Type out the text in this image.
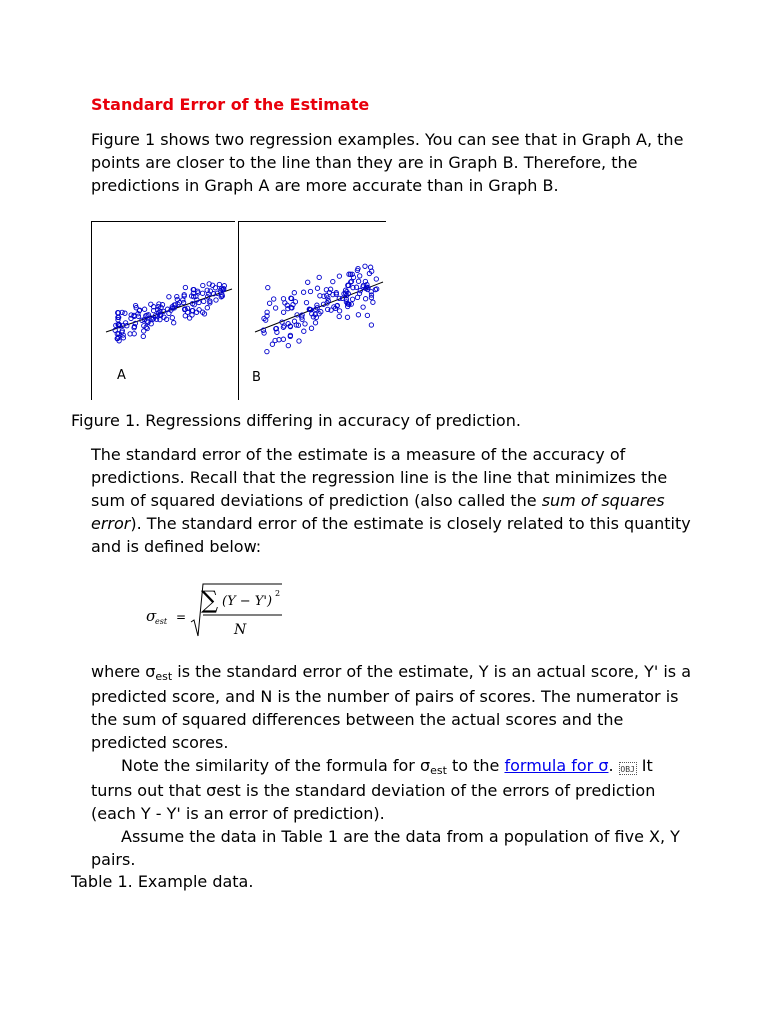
Standard Error of the Estimate

Figure 1 shows two regression examples. You can see that in Graph A, the points are closer to the line than they are in Graph B. Therefore, the predictions in Graph A are more accurate than in Graph B.

A	B

Figure 1. Regressions differing in accuracy of prediction.

The standard error of the estimate is a measure of the accuracy of predictions. Recall that the regression line is the line that minimizes the sum of squared deviations of prediction (also called the sum of squares error). The standard error of the estimate is closely related to this quantity and is defined below:

σ
est =
∑ (Y − Y')
2
N
where σest is the standard error of the estimate, Y is an actual score, Y' is a predicted score, and N is the number of pairs of scores. The numerator is the sum of squared differences between the actual scores and the predicted scores.
Note the similarity of the formula for σest to the formula for σ. OBJ It turns out that σest is the standard deviation of the errors of prediction (each Y - Y' is an error of prediction).
Assume the data in Table 1 are the data from a population of five X, Y pairs.

Table 1. Example data.
